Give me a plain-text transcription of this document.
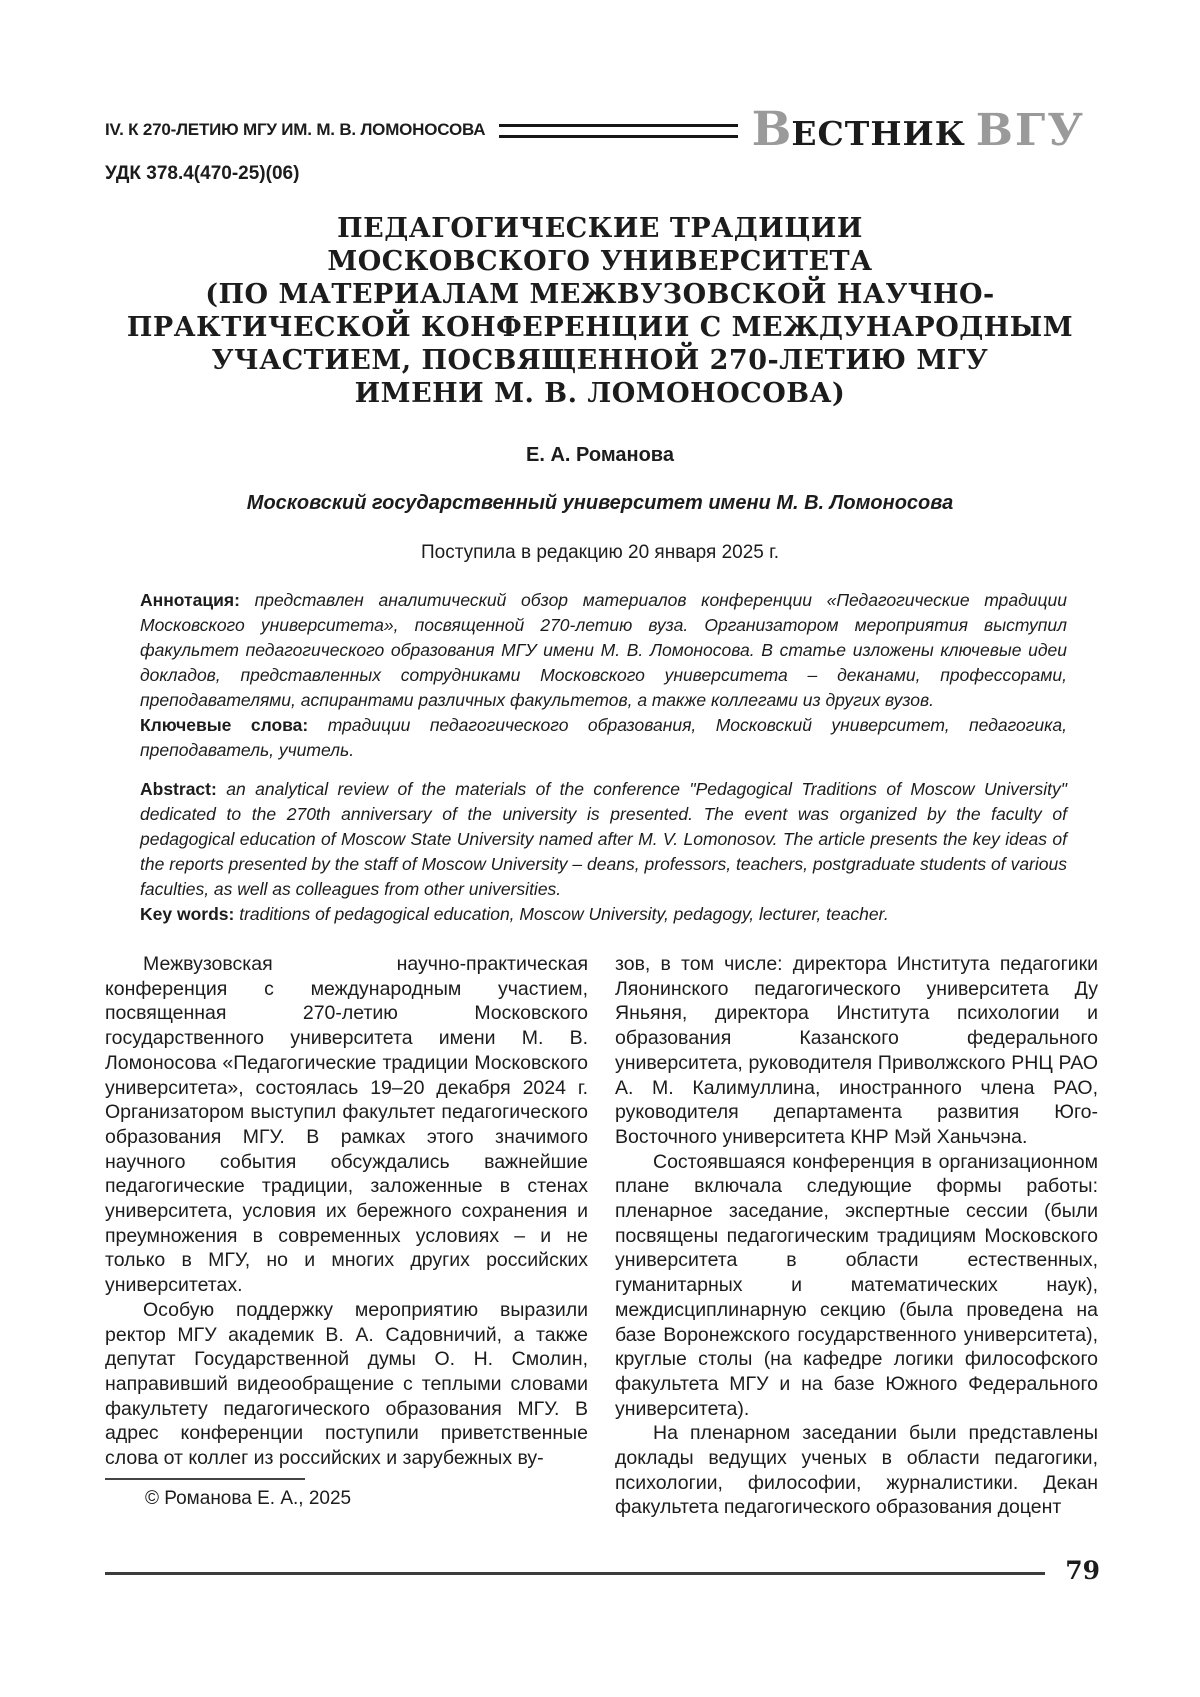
IV. К 270-ЛЕТИЮ МГУ ИМ. М. В. ЛОМОНОСОВА	ВЕСТНИК ВГУ
УДК 378.4(470-25)(06)
ПЕДАГОГИЧЕСКИЕ ТРАДИЦИИ
МОСКОВСКОГО УНИВЕРСИТЕТА
(ПО МАТЕРИАЛАМ МЕЖВУЗОВСКОЙ НАУЧНО-
ПРАКТИЧЕСКОЙ КОНФЕРЕНЦИИ С МЕЖДУНАРОДНЫМ
УЧАСТИЕМ, ПОСВЯЩЕННОЙ 270-ЛЕТИЮ МГУ
ИМЕНИ М. В. ЛОМОНОСОВА)
Е. А. Романова
Московский государственный университет имени М. В. Ломоносова
Поступила в редакцию 20 января 2025 г.

Аннотация: представлен аналитический обзор материалов конференции «Педагогические традиции Московского университета», посвященной 270-летию вуза. Организатором мероприятия выступил факультет педагогического образования МГУ имени М. В. Ломоносова. В статье изложены ключевые идеи докладов, представленных сотрудниками Московского университета – деканами, профессорами, преподавателями, аспирантами различных факультетов, а также коллегами из других вузов.

Ключевые слова: традиции педагогического образования, Московский университет, педагогика, преподаватель, учитель.

Abstract: an analytical review of the materials of the conference "Pedagogical Traditions of Moscow University" dedicated to the 270th anniversary of the university is presented. The event was organized by the faculty of pedagogical education of Moscow State University named after M. V. Lomonosov. The article presents the key ideas of the reports presented by the staff of Moscow University – deans, professors, teachers, postgraduate students of various faculties, as well as colleagues from other universities.

Key words: traditions of pedagogical education, Moscow University, pedagogy, lecturer, teacher.

Межвузовская научно-практическая конференция с международным участием, посвященная 270-летию Московского государственного университета имени М. В. Ломоносова «Педагогические традиции Московского университета», состоялась 19–20 декабря 2024 г. Организатором выступил факультет педагогического образования МГУ. В рамках этого значимого научного события обсуждались важнейшие педагогические традиции, заложенные в стенах университета, условия их бережного сохранения и преумножения в современных условиях – и не только в МГУ, но и многих других российских университетах.

Особую поддержку мероприятию выразили ректор МГУ академик В. А. Садовничий, а также депутат Государственной думы О. Н. Смолин, направивший видеообращение с теплыми словами факультету педагогического образования МГУ. В адрес конференции поступили приветственные слова от коллег из российских и зарубежных ву-

зов, в том числе: директора Института педагогики Ляонинского педагогического университета Ду Яньяня, директора Института психологии и образования Казанского федерального университета, руководителя Приволжского РНЦ РАО А. М. Калимуллина, иностранного члена РАО, руководителя департамента развития Юго-Восточного университета КНР Мэй Ханьчэна.

Состоявшаяся конференция в организационном плане включала следующие формы работы: пленарное заседание, экспертные сессии (были посвящены педагогическим традициям Московского университета в области естественных, гуманитарных и математических наук), междисциплинарную секцию (была проведена на базе Воронежского государственного университета), круглые столы (на кафедре логики философского факультета МГУ и на базе Южного Федерального университета).

На пленарном заседании были представлены доклады ведущих ученых в области педагогики, психологии, философии, журналистики. Декан факультета педагогического образования доцент

© Романова Е. А., 2025
79
